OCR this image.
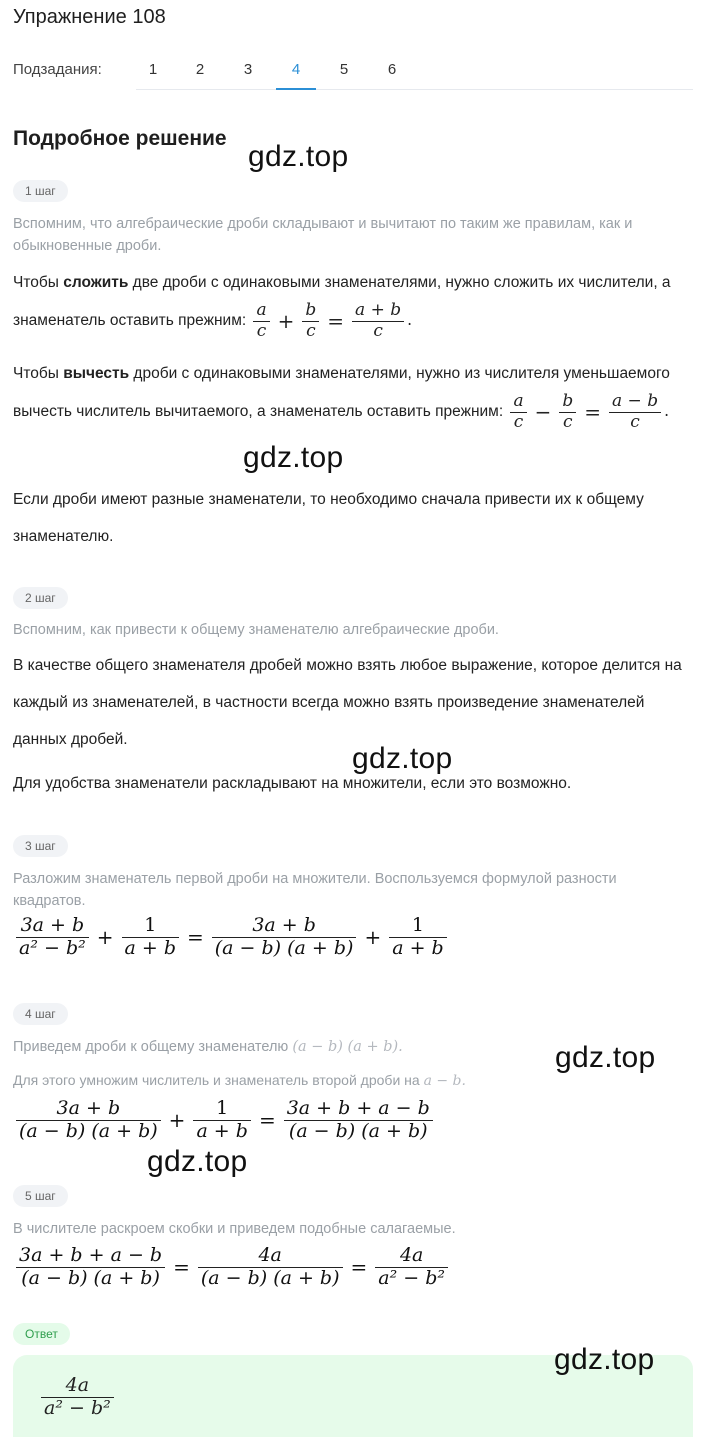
Упражнение 108
Подзадания:	1	2	3	4	5	6
Подробное решение
1 шаг
Вспомним, что алгебраические дроби складывают и вычитают по таким же правилам, как и обыкновенные дроби.
Чтобы сложить две дроби с одинаковыми знаменателями, нужно сложить их числители, а знаменатель оставить прежним: $\frac{a}{c} + \frac{b}{c} = \frac{a + b}{c}$ .
Чтобы вычесть дроби с одинаковыми знаменателями, нужно из числителя уменьшаемого вычесть числитель вычитаемого, а знаменатель оставить прежним: $\frac{a}{c} - \frac{b}{c} = \frac{a - b}{c}$ .
Если дроби имеют разные знаменатели, то необходимо сначала привести их к общему знаменателю.
2 шаг
Вспомним, как привести к общему знаменателю алгебраические дроби.
В качестве общего знаменателя дробей можно взять любое выражение, которое делится на каждый из знаменателей, в частности всегда можно взять произведение знаменателей данных дробей.
Для удобства знаменатели раскладывают на множители, если это возможно.
3 шаг
Разложим знаменатель первой дроби на множители. Воспользуемся формулой разности квадратов.
$\frac{3a + b}{\text{a² − b²}} + \frac{1}{a + b} = \frac{3a + b}{(a - b) (a + b)} + \frac{1}{a + b}$
4 шаг
Приведем дроби к общему знаменателю (a − b) (a + b).
Для этого умножим числитель и знаменатель второй дроби на a − b.
$\frac{3a + b}{(a - b) (a + b)} + \frac{1}{a + b} = \frac{3a + b + a - b}{(a - b) (a + b)}$
5 шаг
В числителе раскроем скобки и приведем подобные салагаемые.
$\frac{3a + b + a - b}{(a - b) (a + b)} = \frac{4a}{(a - b) (a + b)} = \frac{4a}{\text{a² − b²}}$
Ответ
$\frac{4a}{\text{a² − b²}}$
gdz.top
gdz.top
gdz.top
gdz.top
gdz.top
gdz.top
